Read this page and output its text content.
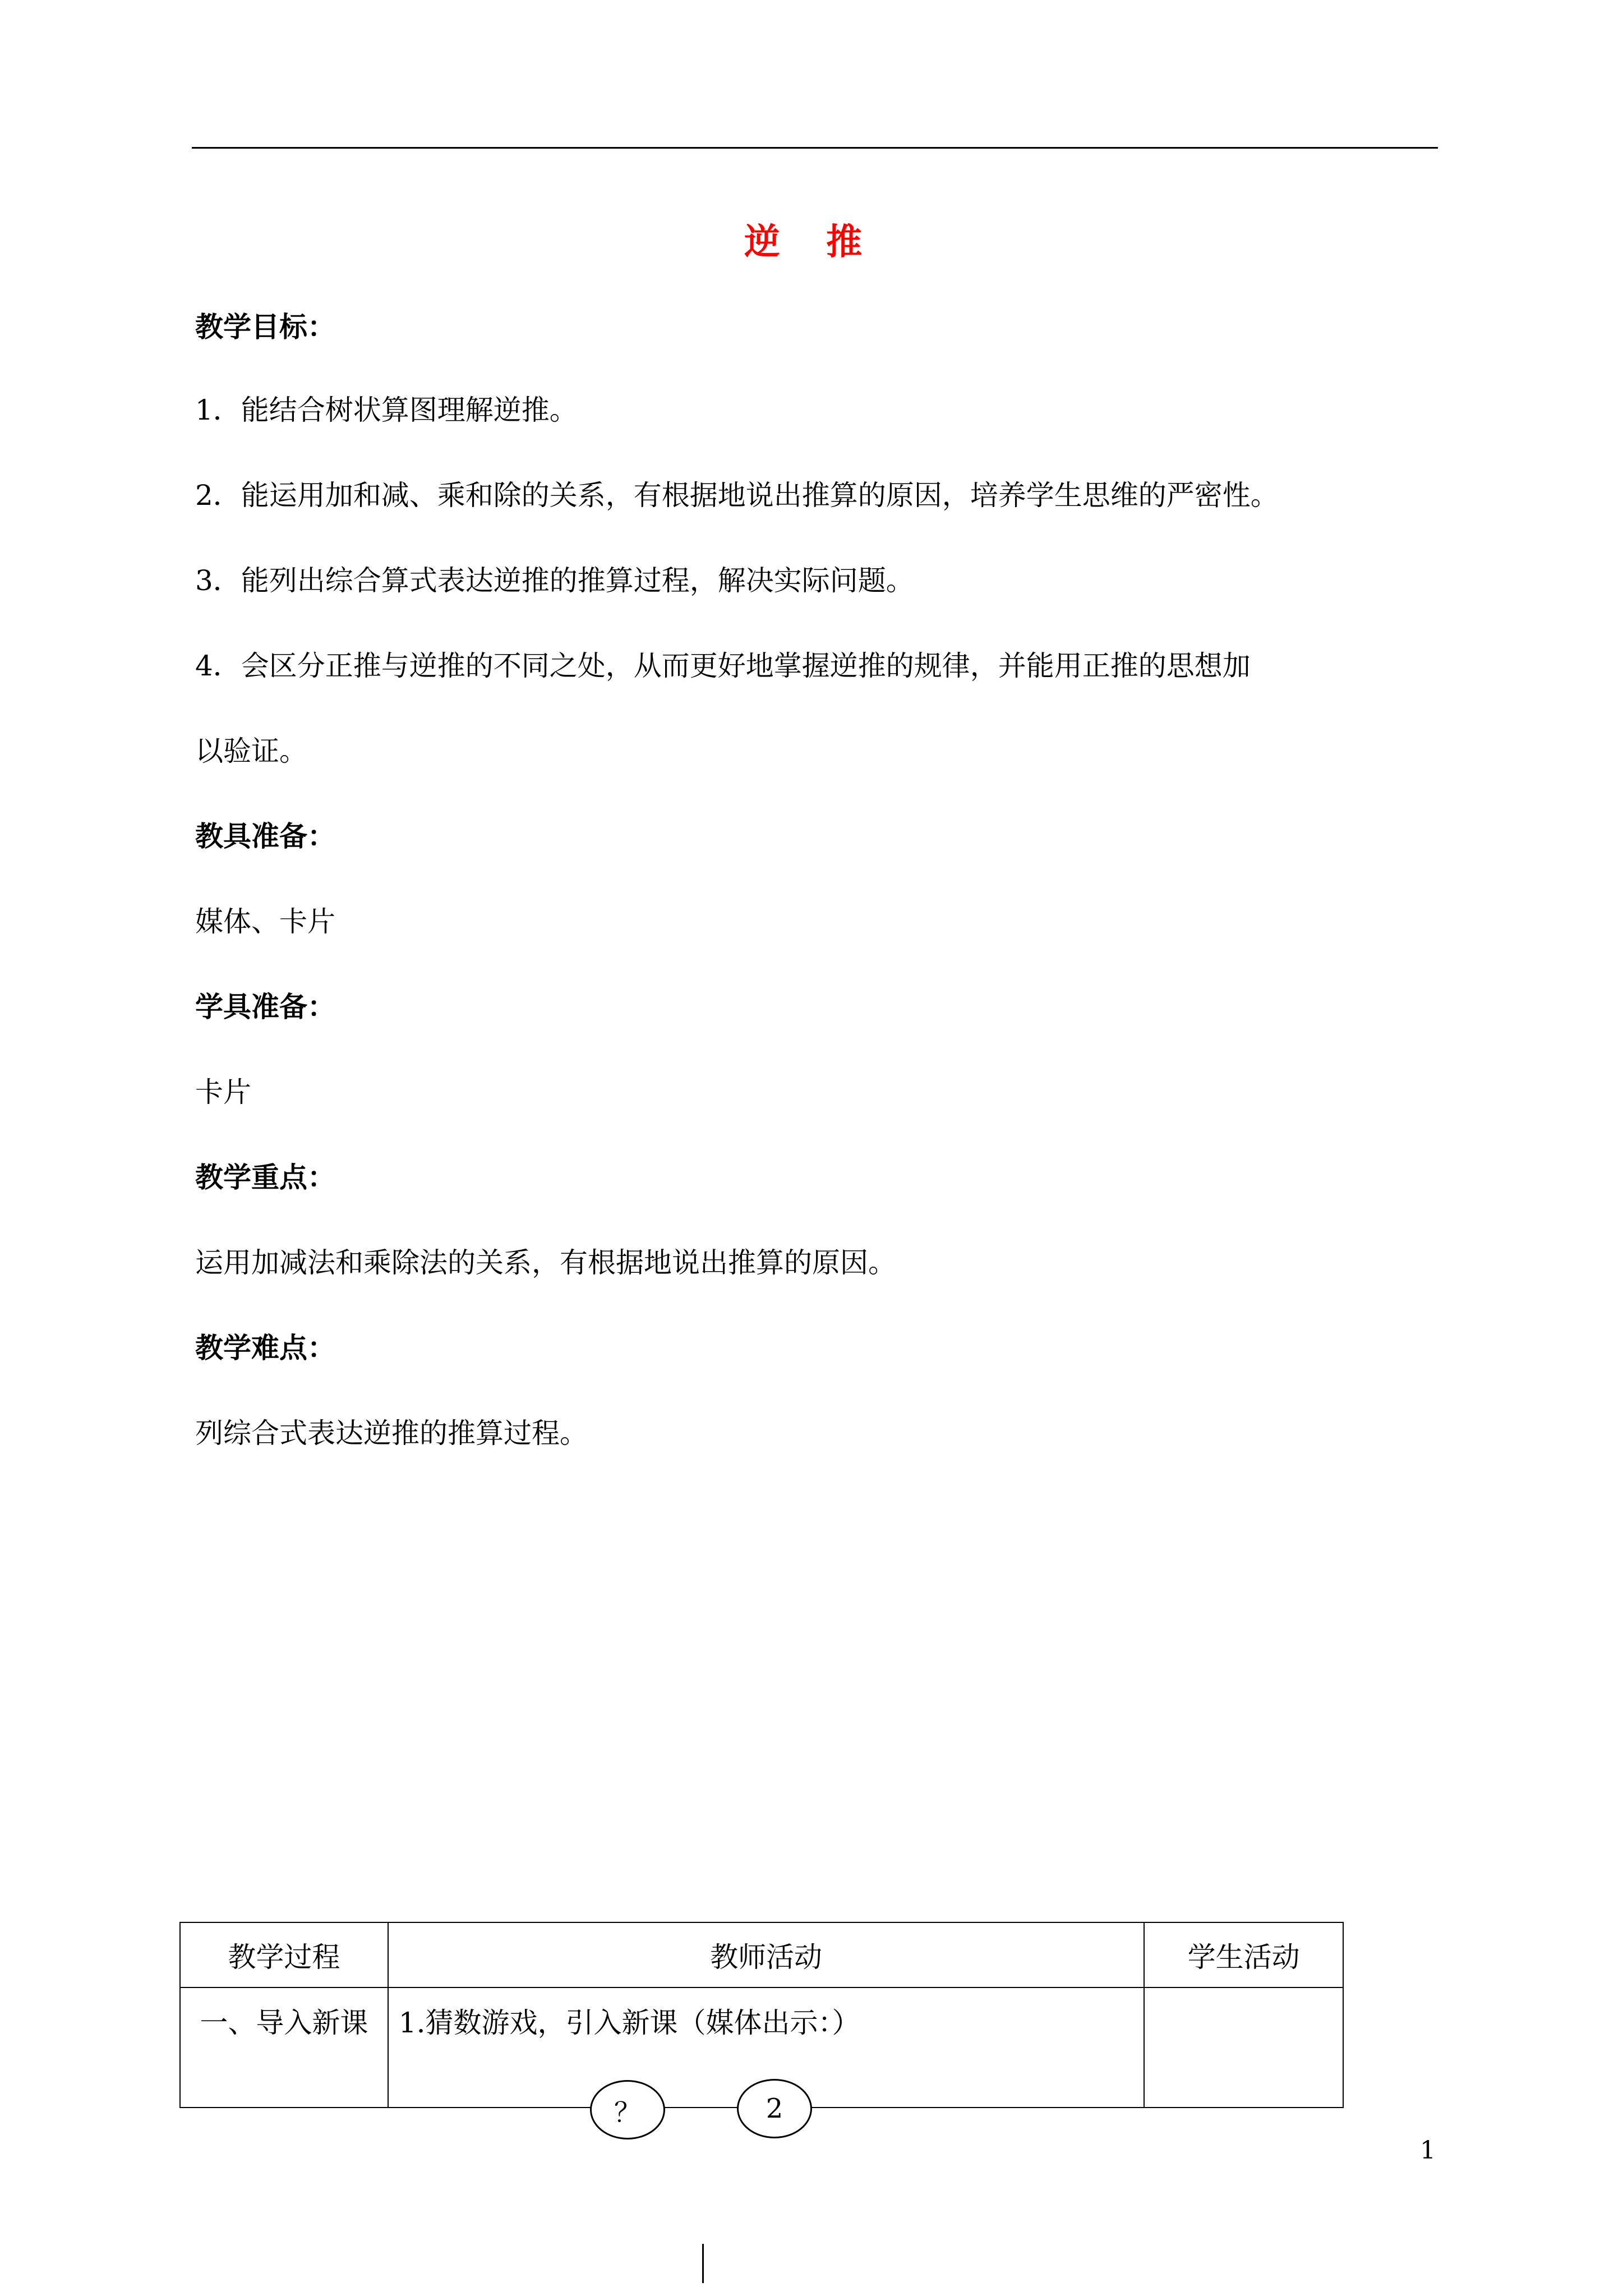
逆 推
教学目标：
1．能结合树状算图理解逆推。
2．能运用加和减、乘和除的关系，有根据地说出推算的原因，培养学生思维的严密性。
3．能列出综合算式表达逆推的推算过程，解决实际问题。
4．会区分正推与逆推的不同之处，从而更好地掌握逆推的规律，并能用正推的思想加
以验证。
教具准备：
媒体、卡片
学具准备：
卡片
教学重点：
运用加减法和乘除法的关系，有根据地说出推算的原因。
教学难点：
列综合式表达逆推的推算过程。
教学过程	教师活动	学生活动
一、导入新课	1.猜数游戏，引入新课（媒体出示：）	

？	2
1
